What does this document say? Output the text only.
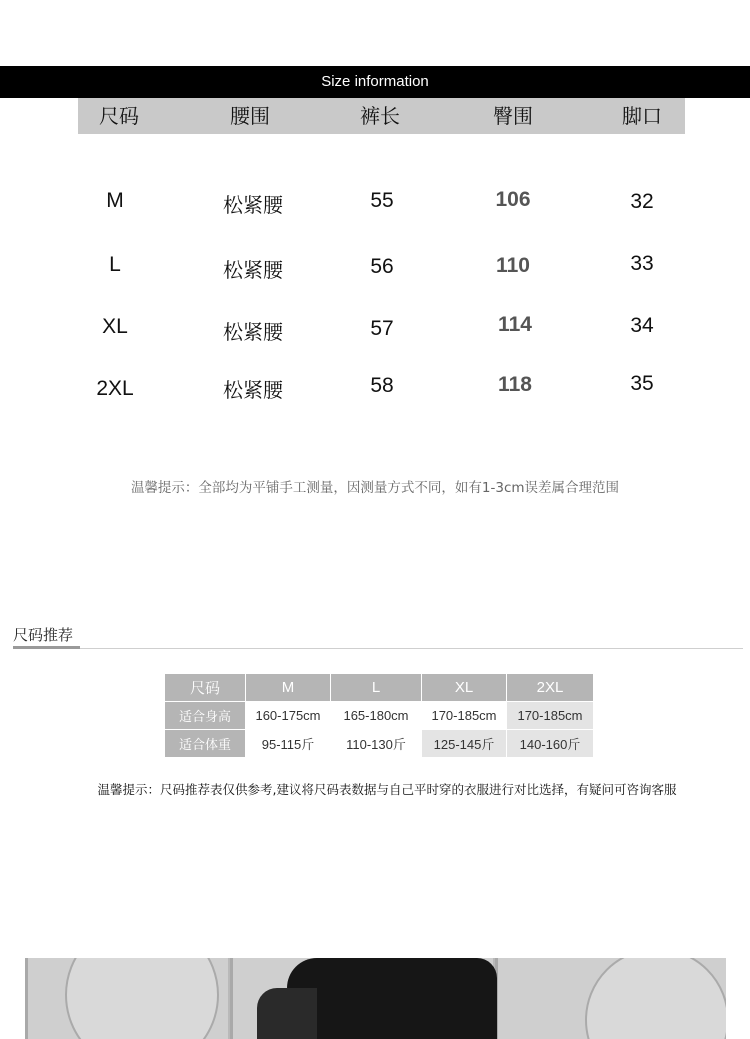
Size information
尺码	腰围	裤长	臀围	脚口
M	松紧腰	55	106	32
L	松紧腰	56	110	33
XL	松紧腰	57	114	34
2XL	松紧腰	58	118	35
温馨提示：全部均为平铺手工测量，因测量方式不同，如有1-3cm误差属合理范围
尺码推荐
尺码	M	L	XL	2XL
适合身高	160-175cm	165-180cm	170-185cm	170-185cm
适合体重	95-115斤	110-130斤	125-145斤	140-160斤
温馨提示：尺码推荐表仅供参考,建议将尺码表数据与自己平时穿的衣服进行对比选择，有疑问可咨询客服
